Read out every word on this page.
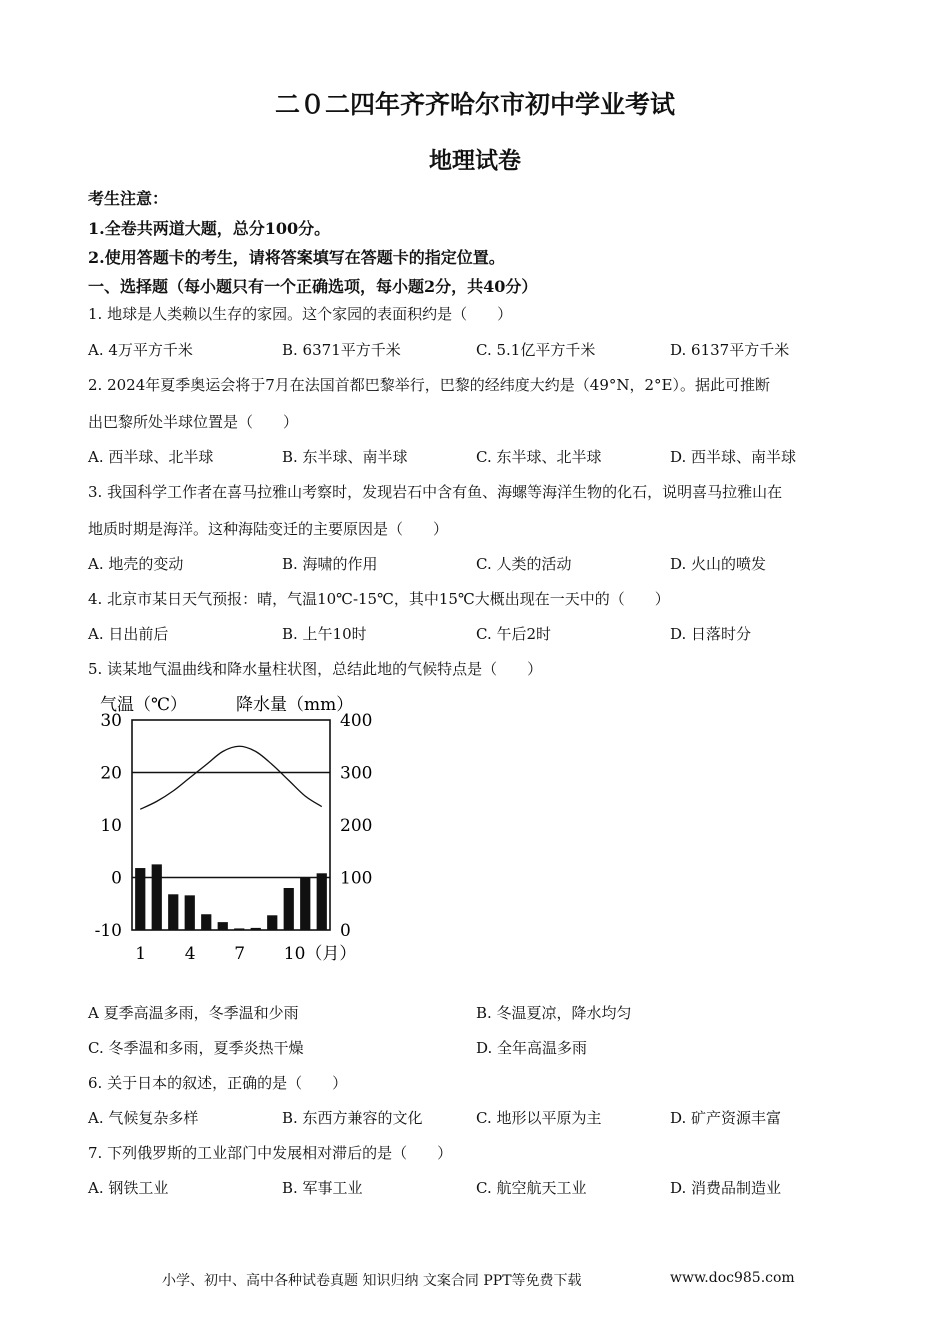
二０二四年齐齐哈尔市初中学业考试
地理试卷
考生注意：
1.全卷共两道大题，总分100分。
2.使用答题卡的考生，请将答案填写在答题卡的指定位置。
一、选择题（每小题只有一个正确选项，每小题2分，共40分）
1. 地球是人类赖以生存的家园。这个家园的表面积约是（　　）
A. 4万平方千米	B. 6371平方千米	C. 5.1亿平方千米	D. 6137平方千米
2. 2024年夏季奥运会将于7月在法国首都巴黎举行，巴黎的经纬度大约是（49°N，2°E）。据此可推断
出巴黎所处半球位置是（　　）
A. 西半球、北半球	B. 东半球、南半球	C. 东半球、北半球	D. 西半球、南半球
3. 我国科学工作者在喜马拉雅山考察时，发现岩石中含有鱼、海螺等海洋生物的化石，说明喜马拉雅山在
地质时期是海洋。这种海陆变迁的主要原因是（　　）
A. 地壳的变动	B. 海啸的作用	C. 人类的活动	D. 火山的喷发
4. 北京市某日天气预报：晴，气温10℃-15℃，其中15℃大概出现在一天中的（　　）
A. 日出前后	B. 上午10时	C. 午后2时	D. 日落时分
5. 读某地气温曲线和降水量柱状图，总结此地的气候特点是（　　）
气温（℃）	降水量（mm）
30
20
10
0
-10
400
300
200
100
0
1 4 7 10（月）
A 夏季高温多雨，冬季温和少雨	B. 冬温夏凉，降水均匀
C. 冬季温和多雨，夏季炎热干燥	D. 全年高温多雨
6. 关于日本的叙述，正确的是（　　）
A. 气候复杂多样	B. 东西方兼容的文化	C. 地形以平原为主	D. 矿产资源丰富
7. 下列俄罗斯的工业部门中发展相对滞后的是（　　）
A. 钢铁工业	B. 军事工业	C. 航空航天工业	D. 消费品制造业
小学、初中、高中各种试卷真题 知识归纳 文案合同 PPT等免费下载	www.doc985.com
